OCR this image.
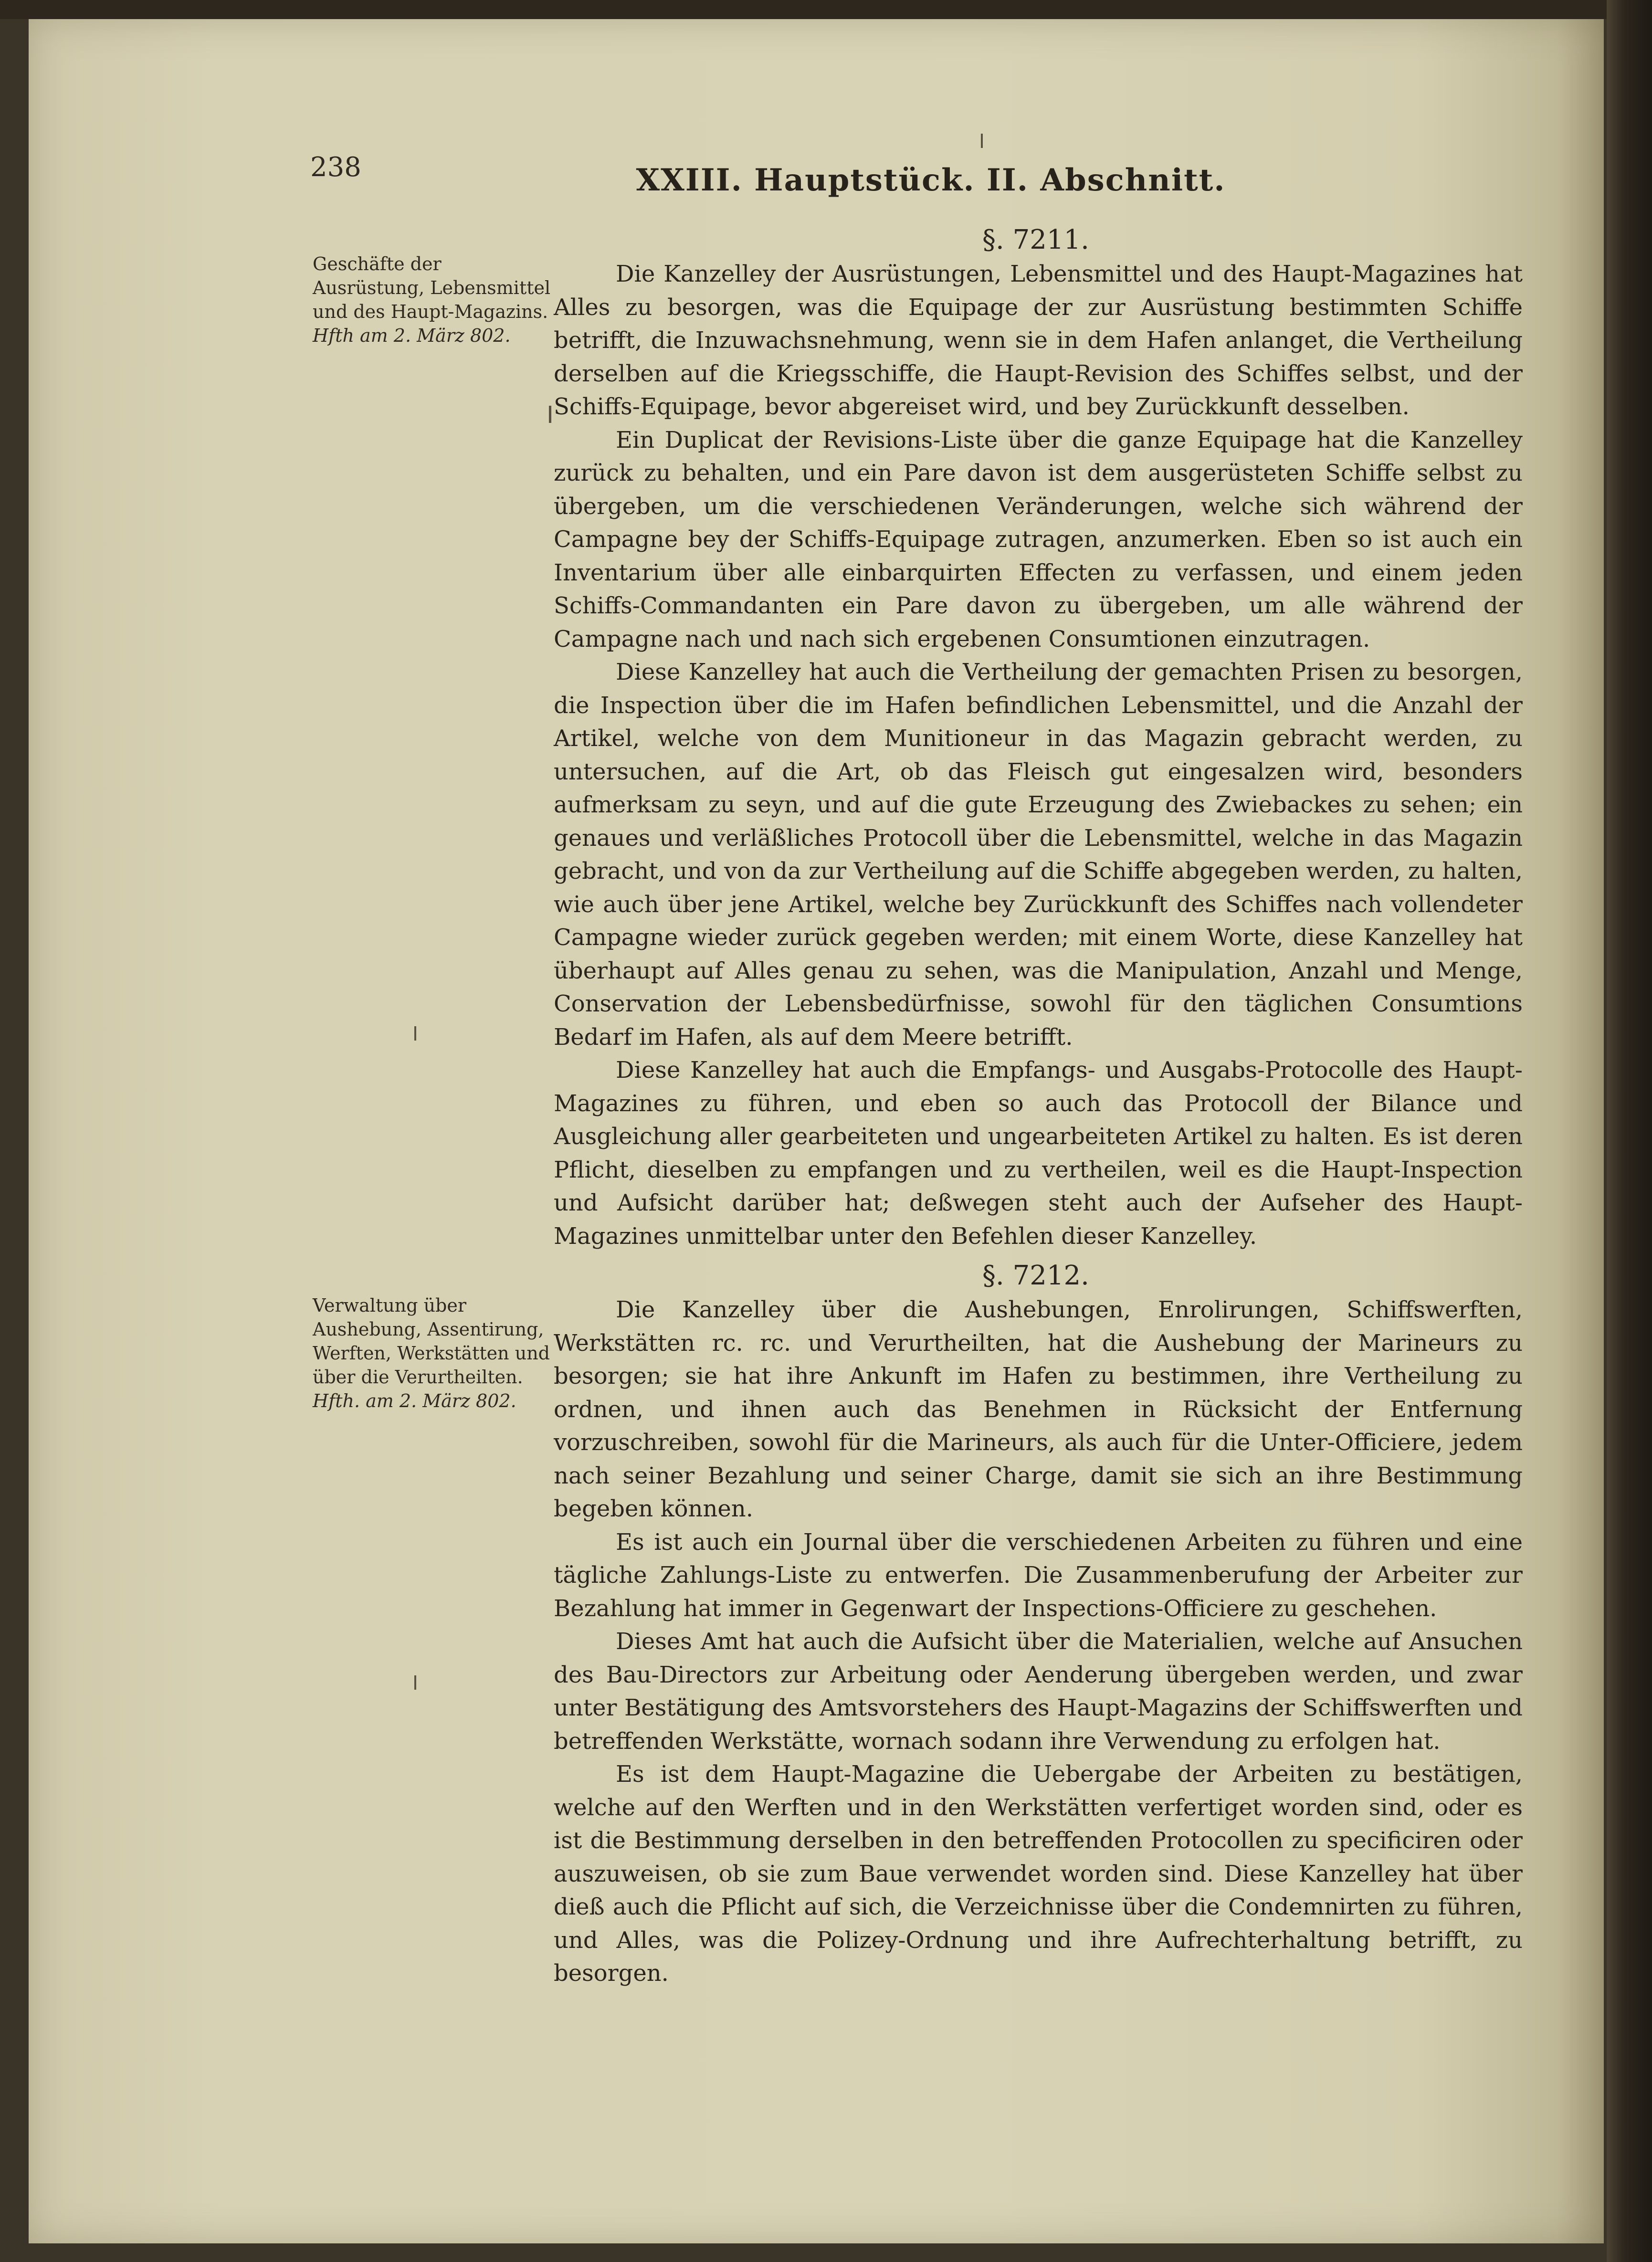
238	XXIII. Hauptstück. II. Abschnitt.
§. 7211.
Geschäfte der Ausrüstung, Lebensmittel und des Haupt-Magazins.
Hfth am 2. März 802.

Die Kanzelley der Ausrüstungen, Lebensmittel und des Haupt-Magazines hat Alles zu besorgen, was die Equipage der zur Ausrüstung bestimmten Schiffe betrifft, die Inzuwachsnehmung, wenn sie in dem Hafen anlanget, die Vertheilung derselben auf die Kriegsschiffe, die Haupt-Revision des Schiffes selbst, und der Schiffs-Equipage, bevor abgereiset wird, und bey Zurückkunft desselben.

Ein Duplicat der Revisions-Liste über die ganze Equipage hat die Kanzelley zurück zu behalten, und ein Pare davon ist dem ausgerüsteten Schiffe selbst zu übergeben, um die verschiedenen Veränderungen, welche sich während der Campagne bey der Schiffs-Equipage zutragen, anzumerken. Eben so ist auch ein Inventarium über alle einbarquirten Effecten zu verfassen, und einem jeden Schiffs-Commandanten ein Pare davon zu übergeben, um alle während der Campagne nach und nach sich ergebenen Consumtionen einzutragen.

Diese Kanzelley hat auch die Vertheilung der gemachten Prisen zu besorgen, die Inspection über die im Hafen befindlichen Lebensmittel, und die Anzahl der Artikel, welche von dem Munitioneur in das Magazin gebracht werden, zu untersuchen, auf die Art, ob das Fleisch gut eingesalzen wird, besonders aufmerksam zu seyn, und auf die gute Erzeugung des Zwiebackes zu sehen; ein genaues und verläßliches Protocoll über die Lebensmittel, welche in das Magazin gebracht, und von da zur Vertheilung auf die Schiffe abgegeben werden, zu halten, wie auch über jene Artikel, welche bey Zurückkunft des Schiffes nach vollendeter Campagne wieder zurück gegeben werden; mit einem Worte, diese Kanzelley hat überhaupt auf Alles genau zu sehen, was die Manipulation, Anzahl und Menge, Conservation der Lebensbedürfnisse, sowohl für den täglichen Consumtions Bedarf im Hafen, als auf dem Meere betrifft.

Diese Kanzelley hat auch die Empfangs- und Ausgabs-Protocolle des Haupt-Magazines zu führen, und eben so auch das Protocoll der Bilance und Ausgleichung aller gearbeiteten und ungearbeiteten Artikel zu halten. Es ist deren Pflicht, dieselben zu empfangen und zu vertheilen, weil es die Haupt-Inspection und Aufsicht darüber hat; deßwegen steht auch der Aufseher des Haupt-Magazines unmittelbar unter den Befehlen dieser Kanzelley.

§. 7212.
Verwaltung über Aushebung, Assentirung, Werften, Werkstätten und über die Verurtheilten.
Hfth. am 2. März 802.

Die Kanzelley über die Aushebungen, Enrolirungen, Schiffswerften, Werkstätten rc. rc. und Verurtheilten, hat die Aushebung der Marineurs zu besorgen; sie hat ihre Ankunft im Hafen zu bestimmen, ihre Vertheilung zu ordnen, und ihnen auch das Benehmen in Rücksicht der Entfernung vorzuschreiben, sowohl für die Marineurs, als auch für die Unter-Officiere, jedem nach seiner Bezahlung und seiner Charge, damit sie sich an ihre Bestimmung begeben können.

Es ist auch ein Journal über die verschiedenen Arbeiten zu führen und eine tägliche Zahlungs-Liste zu entwerfen. Die Zusammenberufung der Arbeiter zur Bezahlung hat immer in Gegenwart der Inspections-Officiere zu geschehen.

Dieses Amt hat auch die Aufsicht über die Materialien, welche auf Ansuchen des Bau-Directors zur Arbeitung oder Aenderung übergeben werden, und zwar unter Bestätigung des Amtsvorstehers des Haupt-Magazins der Schiffswerften und betreffenden Werkstätte, wornach sodann ihre Verwendung zu erfolgen hat.

Es ist dem Haupt-Magazine die Uebergabe der Arbeiten zu bestätigen, welche auf den Werften und in den Werkstätten verfertiget worden sind, oder es ist die Bestimmung derselben in den betreffenden Protocollen zu specificiren oder auszuweisen, ob sie zum Baue verwendet worden sind. Diese Kanzelley hat über dieß auch die Pflicht auf sich, die Verzeichnisse über die Condemnirten zu führen, und Alles, was die Polizey-Ordnung und ihre Aufrechterhaltung betrifft, zu besorgen.
